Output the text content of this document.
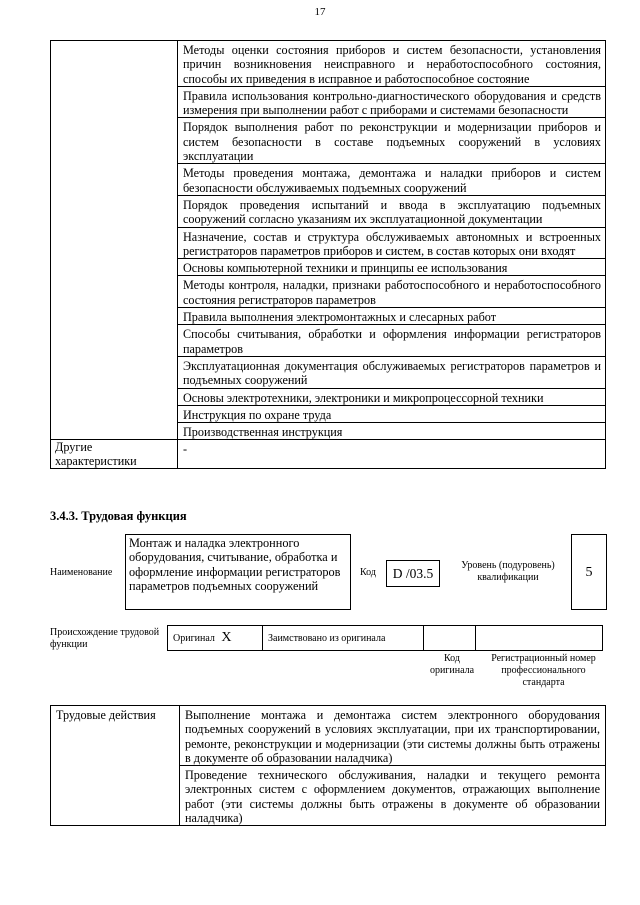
17
	Методы оценки состояния приборов и систем безопасности, установления причин возникновения неисправного и неработоспособного состояния, способы их приведения в исправное и работоспособное состояние
	Правила использования контрольно-диагностического оборудования и средств измерения при выполнении работ с приборами и системами безопасности
	Порядок выполнения работ по реконструкции и модернизации приборов и систем безопасности в составе подъемных сооружений в условиях эксплуатации
	Методы проведения монтажа, демонтажа и наладки приборов и систем безопасности обслуживаемых подъемных сооружений
	Порядок проведения испытаний и ввода в эксплуатацию подъемных сооружений согласно указаниям их эксплуатационной документации
	Назначение, состав и структура обслуживаемых автономных и встроенных регистраторов параметров приборов и систем, в состав которых они входят
	Основы компьютерной техники и принципы ее использования
	Методы контроля, наладки, признаки работоспособного и неработоспособного состояния регистраторов параметров
	Правила выполнения электромонтажных и слесарных работ
	Способы считывания, обработки и оформления информации регистраторов параметров
	Эксплуатационная документация обслуживаемых регистраторов параметров и подъемных сооружений
	Основы электротехники, электроники и микропроцессорной техники
	Инструкция по охране труда
	Производственная инструкция
Другие характеристики	-
3.4.3. Трудовая функция
Наименование
Монтаж и наладка электронного оборудования, считывание, обработка и оформление информации регистраторов параметров подъемных сооружений
Код	D /03.5
Уровень (подуровень) квалификации	5
Происхождение трудовой функции
Оригинал X	Заимствовано из оригинала		
Код оригинала
Регистрационный номер профессионального стандарта
Трудовые действия	Выполнение монтажа и демонтажа систем электронного оборудования подъемных сооружений в условиях эксплуатации, при их транспортировании, ремонте, реконструкции и модернизации (эти системы должны быть отражены в документе об образовании наладчика)
Проведение технического обслуживания, наладки и текущего ремонта электронных систем с оформлением документов, отражающих выполнение работ (эти системы должны быть отражены в документе об образовании наладчика)
